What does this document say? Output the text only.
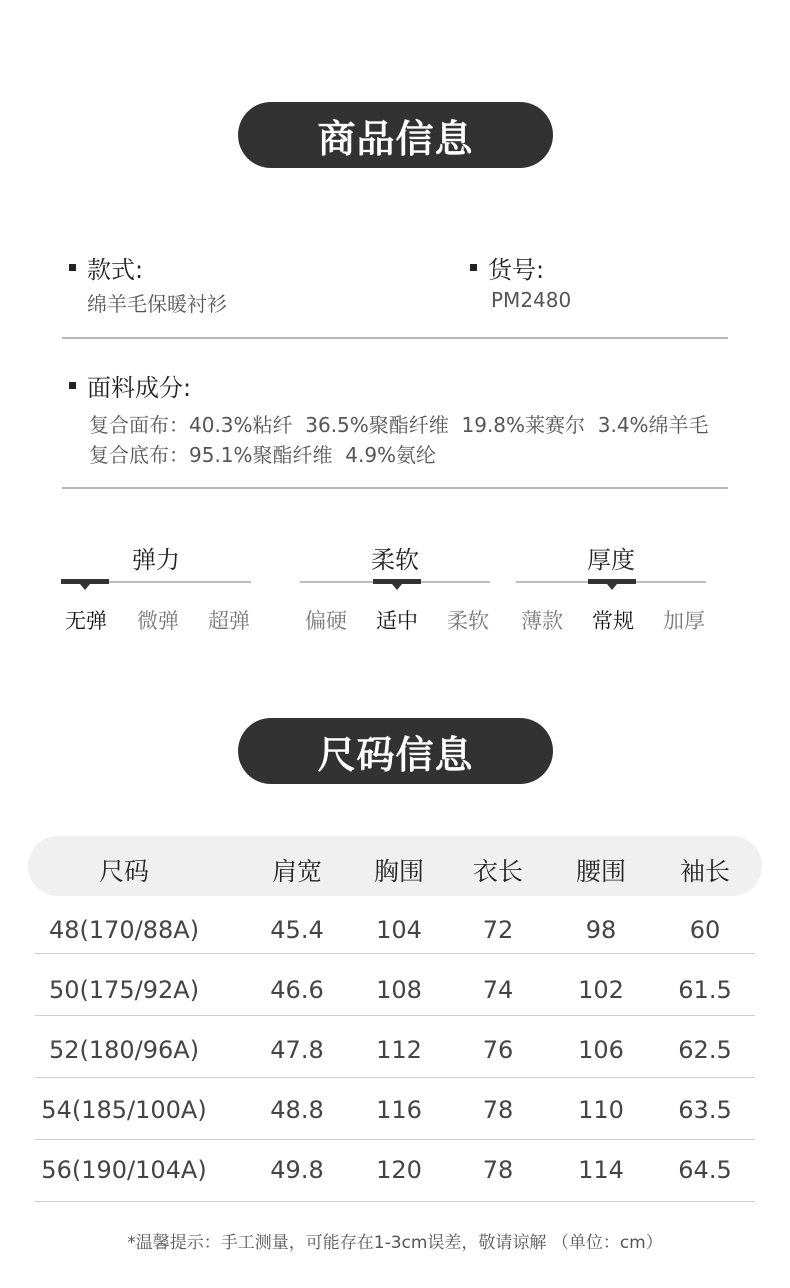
商品信息
款式:
绵羊毛保暖衬衫
货号:
PM2480
面料成分:
复合面布：40.3%粘纤  36.5%聚酯纤维  19.8%莱赛尔  3.4%绵羊毛
复合底布：95.1%聚酯纤维  4.9%氨纶
弹力
无弹	微弹	超弹
柔软
偏硬	适中	柔软
厚度
薄款	常规	加厚
尺码信息
尺码	肩宽	胸围	衣长	腰围	袖长
48(170/88A)	45.4	104	72	98	60
50(175/92A)	46.6	108	74	102	61.5
52(180/96A)	47.8	112	76	106	62.5
54(185/100A)	48.8	116	78	110	63.5
56(190/104A)	49.8	120	78	114	64.5
*温馨提示：手工测量，可能存在1-3cm误差，敬请谅解 （单位：cm）
